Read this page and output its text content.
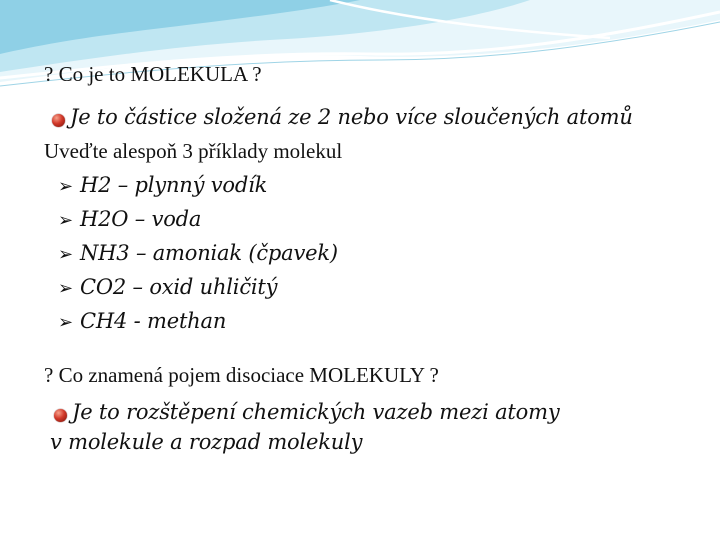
? Co je to MOLEKULA ?
Je to částice složená ze 2 nebo více sloučených atomů
Uveďte alespoň 3 příklady molekul
➢ H2 – plynný vodík
➢ H2O – voda
➢ NH3 – amoniak (čpavek)
➢ CO2 – oxid uhličitý
➢ CH4 - methan
? Co znamená pojem disociace MOLEKULY ?
Je to rozštěpení chemických vazeb mezi atomy
v molekule a rozpad molekuly
